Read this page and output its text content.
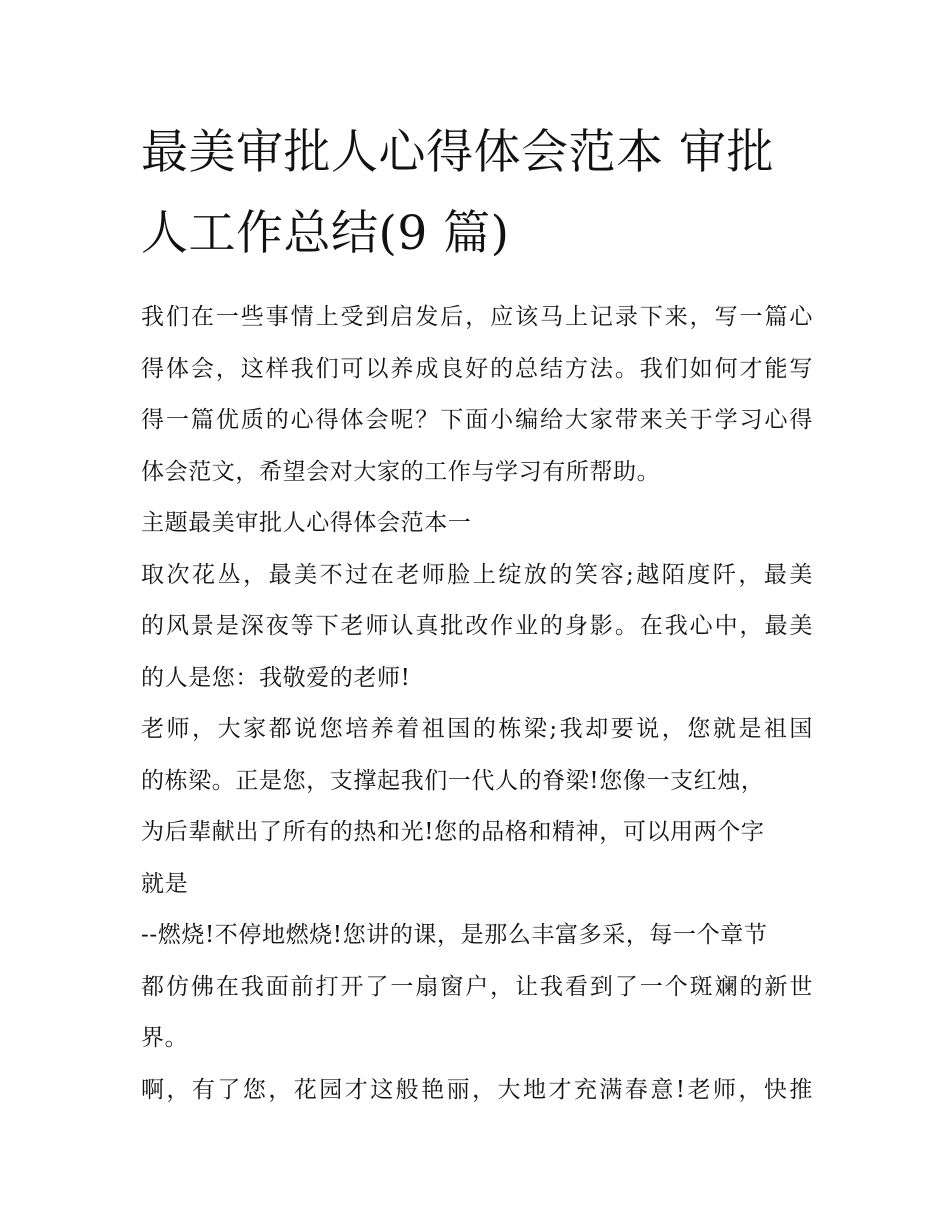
最美审批人心得体会范本 审批
人工作总结(9 篇)
我们在一些事情上受到启发后，应该马上记录下来，写一篇心
得体会，这样我们可以养成良好的总结方法。我们如何才能写
得一篇优质的心得体会呢？下面小编给大家带来关于学习心得
体会范文，希望会对大家的工作与学习有所帮助。
主题最美审批人心得体会范本一
取次花丛，最美不过在老师脸上绽放的笑容;越陌度阡，最美
的风景是深夜等下老师认真批改作业的身影。在我心中，最美
的人是您：我敬爱的老师!
老师，大家都说您培养着祖国的栋梁;我却要说，您就是祖国
的栋梁。正是您，支撑起我们一代人的脊梁!您像一支红烛，
为后辈献出了所有的热和光!您的品格和精神，可以用两个字
就是
--燃烧!不停地燃烧!您讲的课，是那么丰富多采，每一个章节
都仿佛在我面前打开了一扇窗户，让我看到了一个斑斓的新世
界。
啊，有了您，花园才这般艳丽，大地才充满春意!老师，快推
